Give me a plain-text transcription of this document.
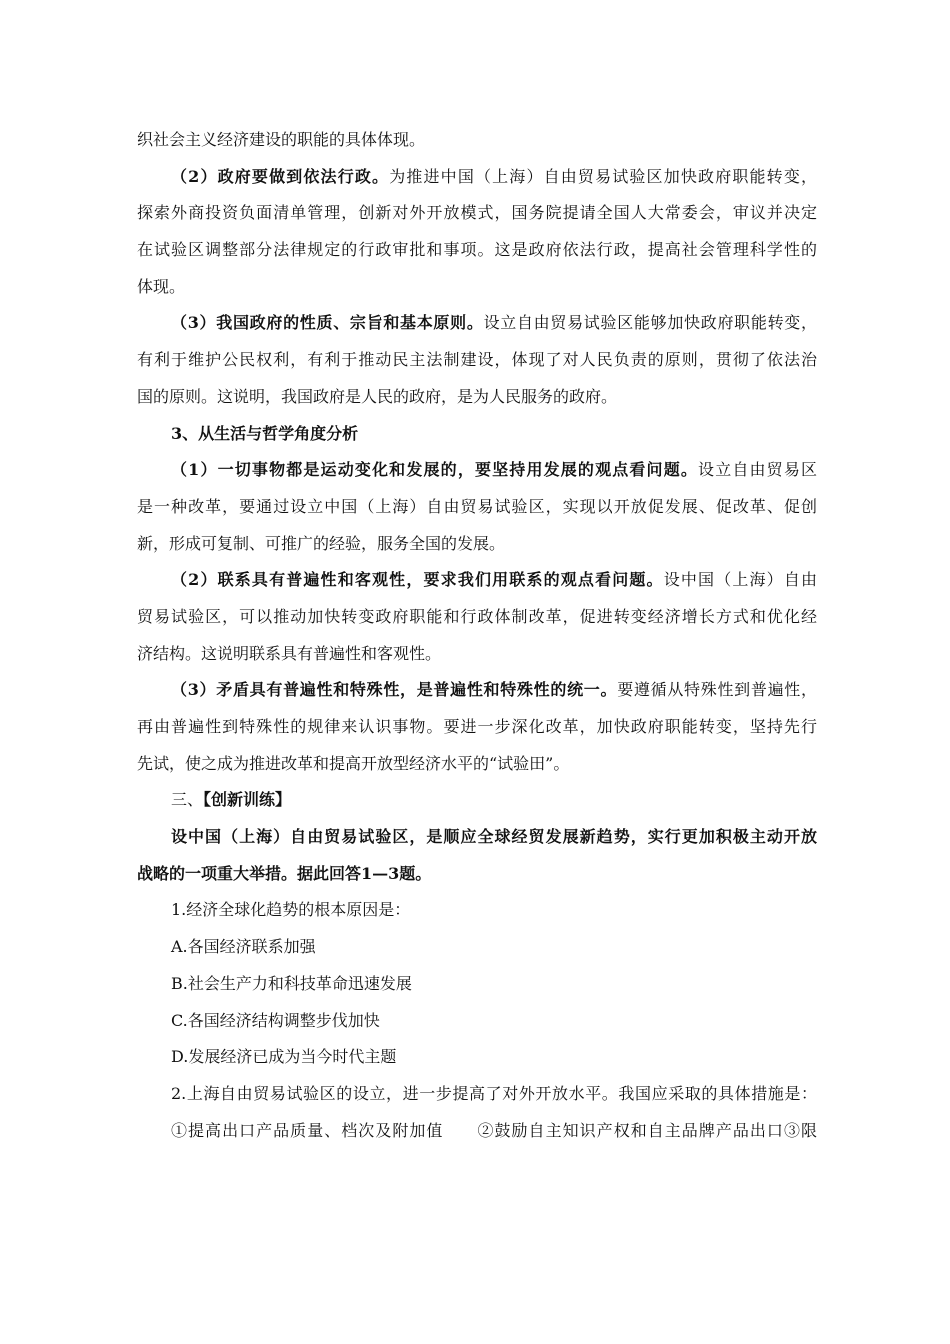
织社会主义经济建设的职能的具体体现。
（2）政府要做到依法行政。为推进中国（上海）自由贸易试验区加快政府职能转变，
探索外商投资负面清单管理，创新对外开放模式，国务院提请全国人大常委会，审议并决定
在试验区调整部分法律规定的行政审批和事项。这是政府依法行政，提高社会管理科学性的
体现。
（3）我国政府的性质、宗旨和基本原则。设立自由贸易试验区能够加快政府职能转变，
有利于维护公民权利，有利于推动民主法制建设，体现了对人民负责的原则，贯彻了依法治
国的原则。这说明，我国政府是人民的政府，是为人民服务的政府。
3、从生活与哲学角度分析
（1）一切事物都是运动变化和发展的，要坚持用发展的观点看问题。设立自由贸易区
是一种改革，要通过设立中国（上海）自由贸易试验区，实现以开放促发展、促改革、促创
新，形成可复制、可推广的经验，服务全国的发展。
（2）联系具有普遍性和客观性，要求我们用联系的观点看问题。设中国（上海）自由
贸易试验区，可以推动加快转变政府职能和行政体制改革，促进转变经济增长方式和优化经
济结构。这说明联系具有普遍性和客观性。
（3）矛盾具有普遍性和特殊性，是普遍性和特殊性的统一。要遵循从特殊性到普遍性，
再由普遍性到特殊性的规律来认识事物。要进一步深化改革，加快政府职能转变，坚持先行
先试，使之成为推进改革和提高开放型经济水平的“试验田”。
三、【创新训练】
设中国（上海）自由贸易试验区，是顺应全球经贸发展新趋势，实行更加积极主动开放
战略的一项重大举措。据此回答1—3题。
1.经济全球化趋势的根本原因是：
A.各国经济联系加强
B.社会生产力和科技革命迅速发展
C.各国经济结构调整步伐加快
D.发展经济已成为当今时代主题
2.上海自由贸易试验区的设立，进一步提高了对外开放水平。我国应采取的具体措施是：
①提高出口产品质量、档次及附加值　　②鼓励自主知识产权和自主品牌产品出口③限
